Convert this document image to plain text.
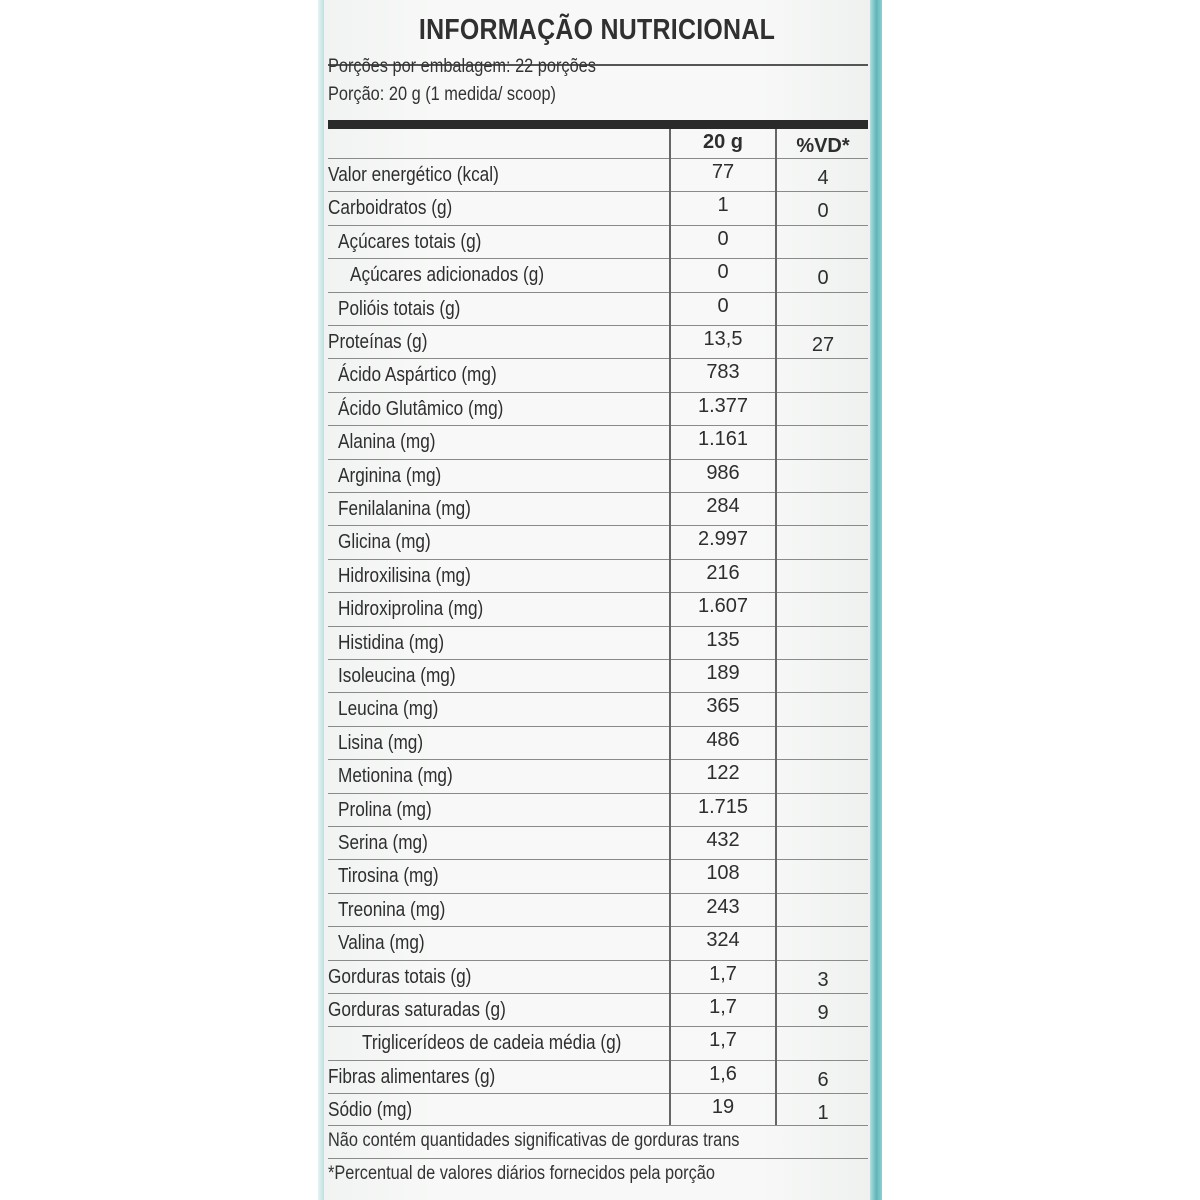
INFORMAÇÃO NUTRICIONAL
Porções por embalagem: 22 porções
Porção: 20 g (1 medida/ scoop)
20 g	%VD*
Valor energético (kcal)	77	4
Carboidratos (g)	1	0
Açúcares totais (g)	0
Açúcares adicionados (g)	0	0
Polióis totais (g)	0
Proteínas (g)	13,5	27
Ácido Aspártico (mg)	783
Ácido Glutâmico (mg)	1.377
Alanina (mg)	1.161
Arginina (mg)	986
Fenilalanina (mg)	284
Glicina (mg)	2.997
Hidroxilisina (mg)	216
Hidroxiprolina (mg)	1.607
Histidina (mg)	135
Isoleucina (mg)	189
Leucina (mg)	365
Lisina (mg)	486
Metionina (mg)	122
Prolina (mg)	1.715
Serina (mg)	432
Tirosina (mg)	108
Treonina (mg)	243
Valina (mg)	324
Gorduras totais (g)	1,7	3
Gorduras saturadas (g)	1,7	9
Triglicerídeos de cadeia média (g)	1,7
Fibras alimentares (g)	1,6	6
Sódio (mg)	19	1
Não contém quantidades significativas de gorduras trans
*Percentual de valores diários fornecidos pela porção
